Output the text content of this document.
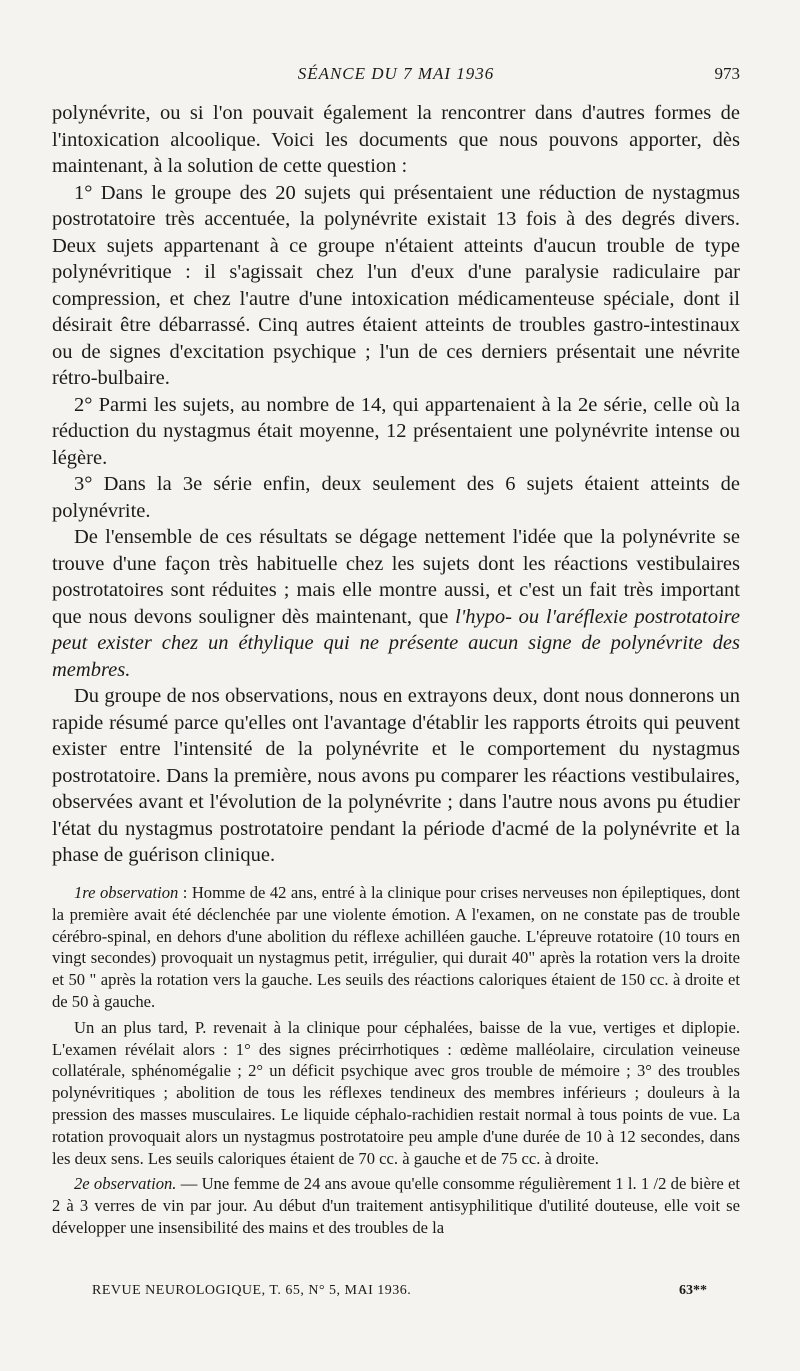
SÉANCE DU 7 MAI 1936	973

polynévrite, ou si l'on pouvait également la rencontrer dans d'autres formes de l'intoxication alcoolique. Voici les documents que nous pouvons apporter, dès maintenant, à la solution de cette question :

1° Dans le groupe des 20 sujets qui présentaient une réduction de nystagmus postrotatoire très accentuée, la polynévrite existait 13 fois à des degrés divers. Deux sujets appartenant à ce groupe n'étaient atteints d'aucun trouble de type polynévritique : il s'agissait chez l'un d'eux d'une paralysie radiculaire par compression, et chez l'autre d'une intoxication médicamenteuse spéciale, dont il désirait être débarrassé. Cinq autres étaient atteints de troubles gastro-intestinaux ou de signes d'excitation psychique ; l'un de ces derniers présentait une névrite rétro-bulbaire.

2° Parmi les sujets, au nombre de 14, qui appartenaient à la 2e série, celle où la réduction du nystagmus était moyenne, 12 présentaient une polynévrite intense ou légère.

3° Dans la 3e série enfin, deux seulement des 6 sujets étaient atteints de polynévrite.

De l'ensemble de ces résultats se dégage nettement l'idée que la polynévrite se trouve d'une façon très habituelle chez les sujets dont les réactions vestibulaires postrotatoires sont réduites ; mais elle montre aussi, et c'est un fait très important que nous devons souligner dès maintenant, que l'hypo- ou l'aréflexie postrotatoire peut exister chez un éthylique qui ne présente aucun signe de polynévrite des membres.

Du groupe de nos observations, nous en extrayons deux, dont nous donnerons un rapide résumé parce qu'elles ont l'avantage d'établir les rapports étroits qui peuvent exister entre l'intensité de la polynévrite et le comportement du nystagmus postrotatoire. Dans la première, nous avons pu comparer les réactions vestibulaires, observées avant et l'évolution de la polynévrite ; dans l'autre nous avons pu étudier l'état du nystagmus postrotatoire pendant la période d'acmé de la polynévrite et la phase de guérison clinique.

1re observation : Homme de 42 ans, entré à la clinique pour crises nerveuses non épileptiques, dont la première avait été déclenchée par une violente émotion. A l'examen, on ne constate pas de trouble cérébro-spinal, en dehors d'une abolition du réflexe achilléen gauche. L'épreuve rotatoire (10 tours en vingt secondes) provoquait un nystagmus petit, irrégulier, qui durait 40" après la rotation vers la droite et 50 " après la rotation vers la gauche. Les seuils des réactions caloriques étaient de 150 cc. à droite et de 50 à gauche.

Un an plus tard, P. revenait à la clinique pour céphalées, baisse de la vue, vertiges et diplopie. L'examen révélait alors : 1° des signes précirrhotiques : œdème malléolaire, circulation veineuse collatérale, sphénomégalie ; 2° un déficit psychique avec gros trouble de mémoire ; 3° des troubles polynévritiques ; abolition de tous les réflexes tendineux des membres inférieurs ; douleurs à la pression des masses musculaires. Le liquide céphalo-rachidien restait normal à tous points de vue. La rotation provoquait alors un nystagmus postrotatoire peu ample d'une durée de 10 à 12 secondes, dans les deux sens. Les seuils caloriques étaient de 70 cc. à gauche et de 75 cc. à droite.

2e observation. — Une femme de 24 ans avoue qu'elle consomme régulièrement 1 l. 1 /2 de bière et 2 à 3 verres de vin par jour. Au début d'un traitement antisyphilitique d'utilité douteuse, elle voit se développer une insensibilité des mains et des troubles de la

REVUE NEUROLOGIQUE, T. 65, N° 5, MAI 1936.	63**
